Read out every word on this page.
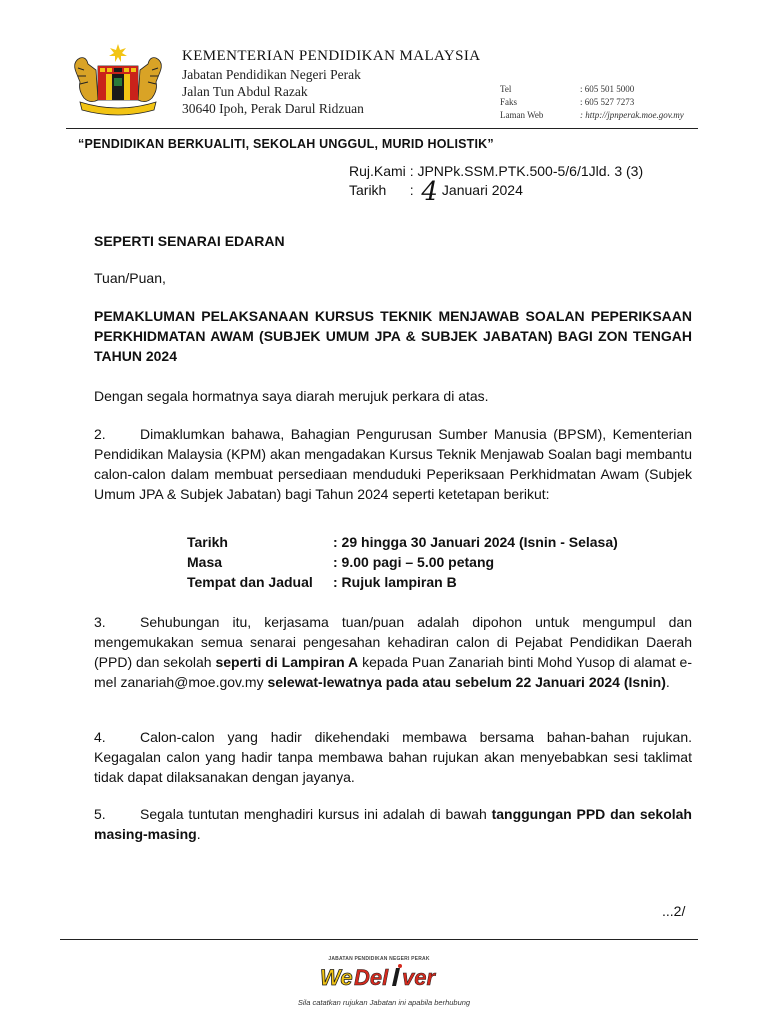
KEMENTERIAN PENDIDIKAN MALAYSIA
Jabatan Pendidikan Negeri Perak
Jalan Tun Abdul Razak
30640 Ipoh, Perak Darul Ridzuan
Tel
Faks
Laman Web
: 605 501 5000
: 605 527 7273
: http://jpnperak.moe.gov.my
“PENDIDIKAN BERKUALITI, SEKOLAH UNGGUL, MURID HOLISTIK”
Ruj.Kami : JPNPk.SSM.PTK.500-5/6/1Jld. 3 (3)
Tarikh : 4 Januari 2024
SEPERTI SENARAI EDARAN
Tuan/Puan,
PEMAKLUMAN PELAKSANAAN KURSUS TEKNIK MENJAWAB SOALAN PEPERIKSAAN PERKHIDMATAN AWAM (SUBJEK UMUM JPA & SUBJEK JABATAN) BAGI ZON TENGAH TAHUN 2024
Dengan segala hormatnya saya diarah merujuk perkara di atas.
2. Dimaklumkan bahawa, Bahagian Pengurusan Sumber Manusia (BPSM), Kementerian Pendidikan Malaysia (KPM) akan mengadakan Kursus Teknik Menjawab Soalan bagi membantu calon-calon dalam membuat persediaan menduduki Peperiksaan Perkhidmatan Awam (Subjek Umum JPA & Subjek Jabatan) bagi Tahun 2024 seperti ketetapan berikut:
Tarikh	: 29 hingga 30 Januari 2024 (Isnin - Selasa)
Masa	: 9.00 pagi – 5.00 petang
Tempat dan Jadual : Rujuk lampiran B
3. Sehubungan itu, kerjasama tuan/puan adalah dipohon untuk mengumpul dan mengemukakan semua senarai pengesahan kehadiran calon di Pejabat Pendidikan Daerah (PPD) dan sekolah seperti di Lampiran A kepada Puan Zanariah binti Mohd Yusop di alamat e-mel zanariah@moe.gov.my selewat-lewatnya pada atau sebelum 22 Januari 2024 (Isnin).
4. Calon-calon yang hadir dikehendaki membawa bersama bahan-bahan rujukan. Kegagalan calon yang hadir tanpa membawa bahan rujukan akan menyebabkan sesi taklimat tidak dapat dilaksanakan dengan jayanya.
5. Segala tuntutan menghadiri kursus ini adalah di bawah tanggungan PPD dan sekolah masing-masing.
...2/
JABATAN PENDIDIKAN NEGERI PERAK
We Del ver
Sila catatkan rujukan Jabatan ini apabila berhubung
